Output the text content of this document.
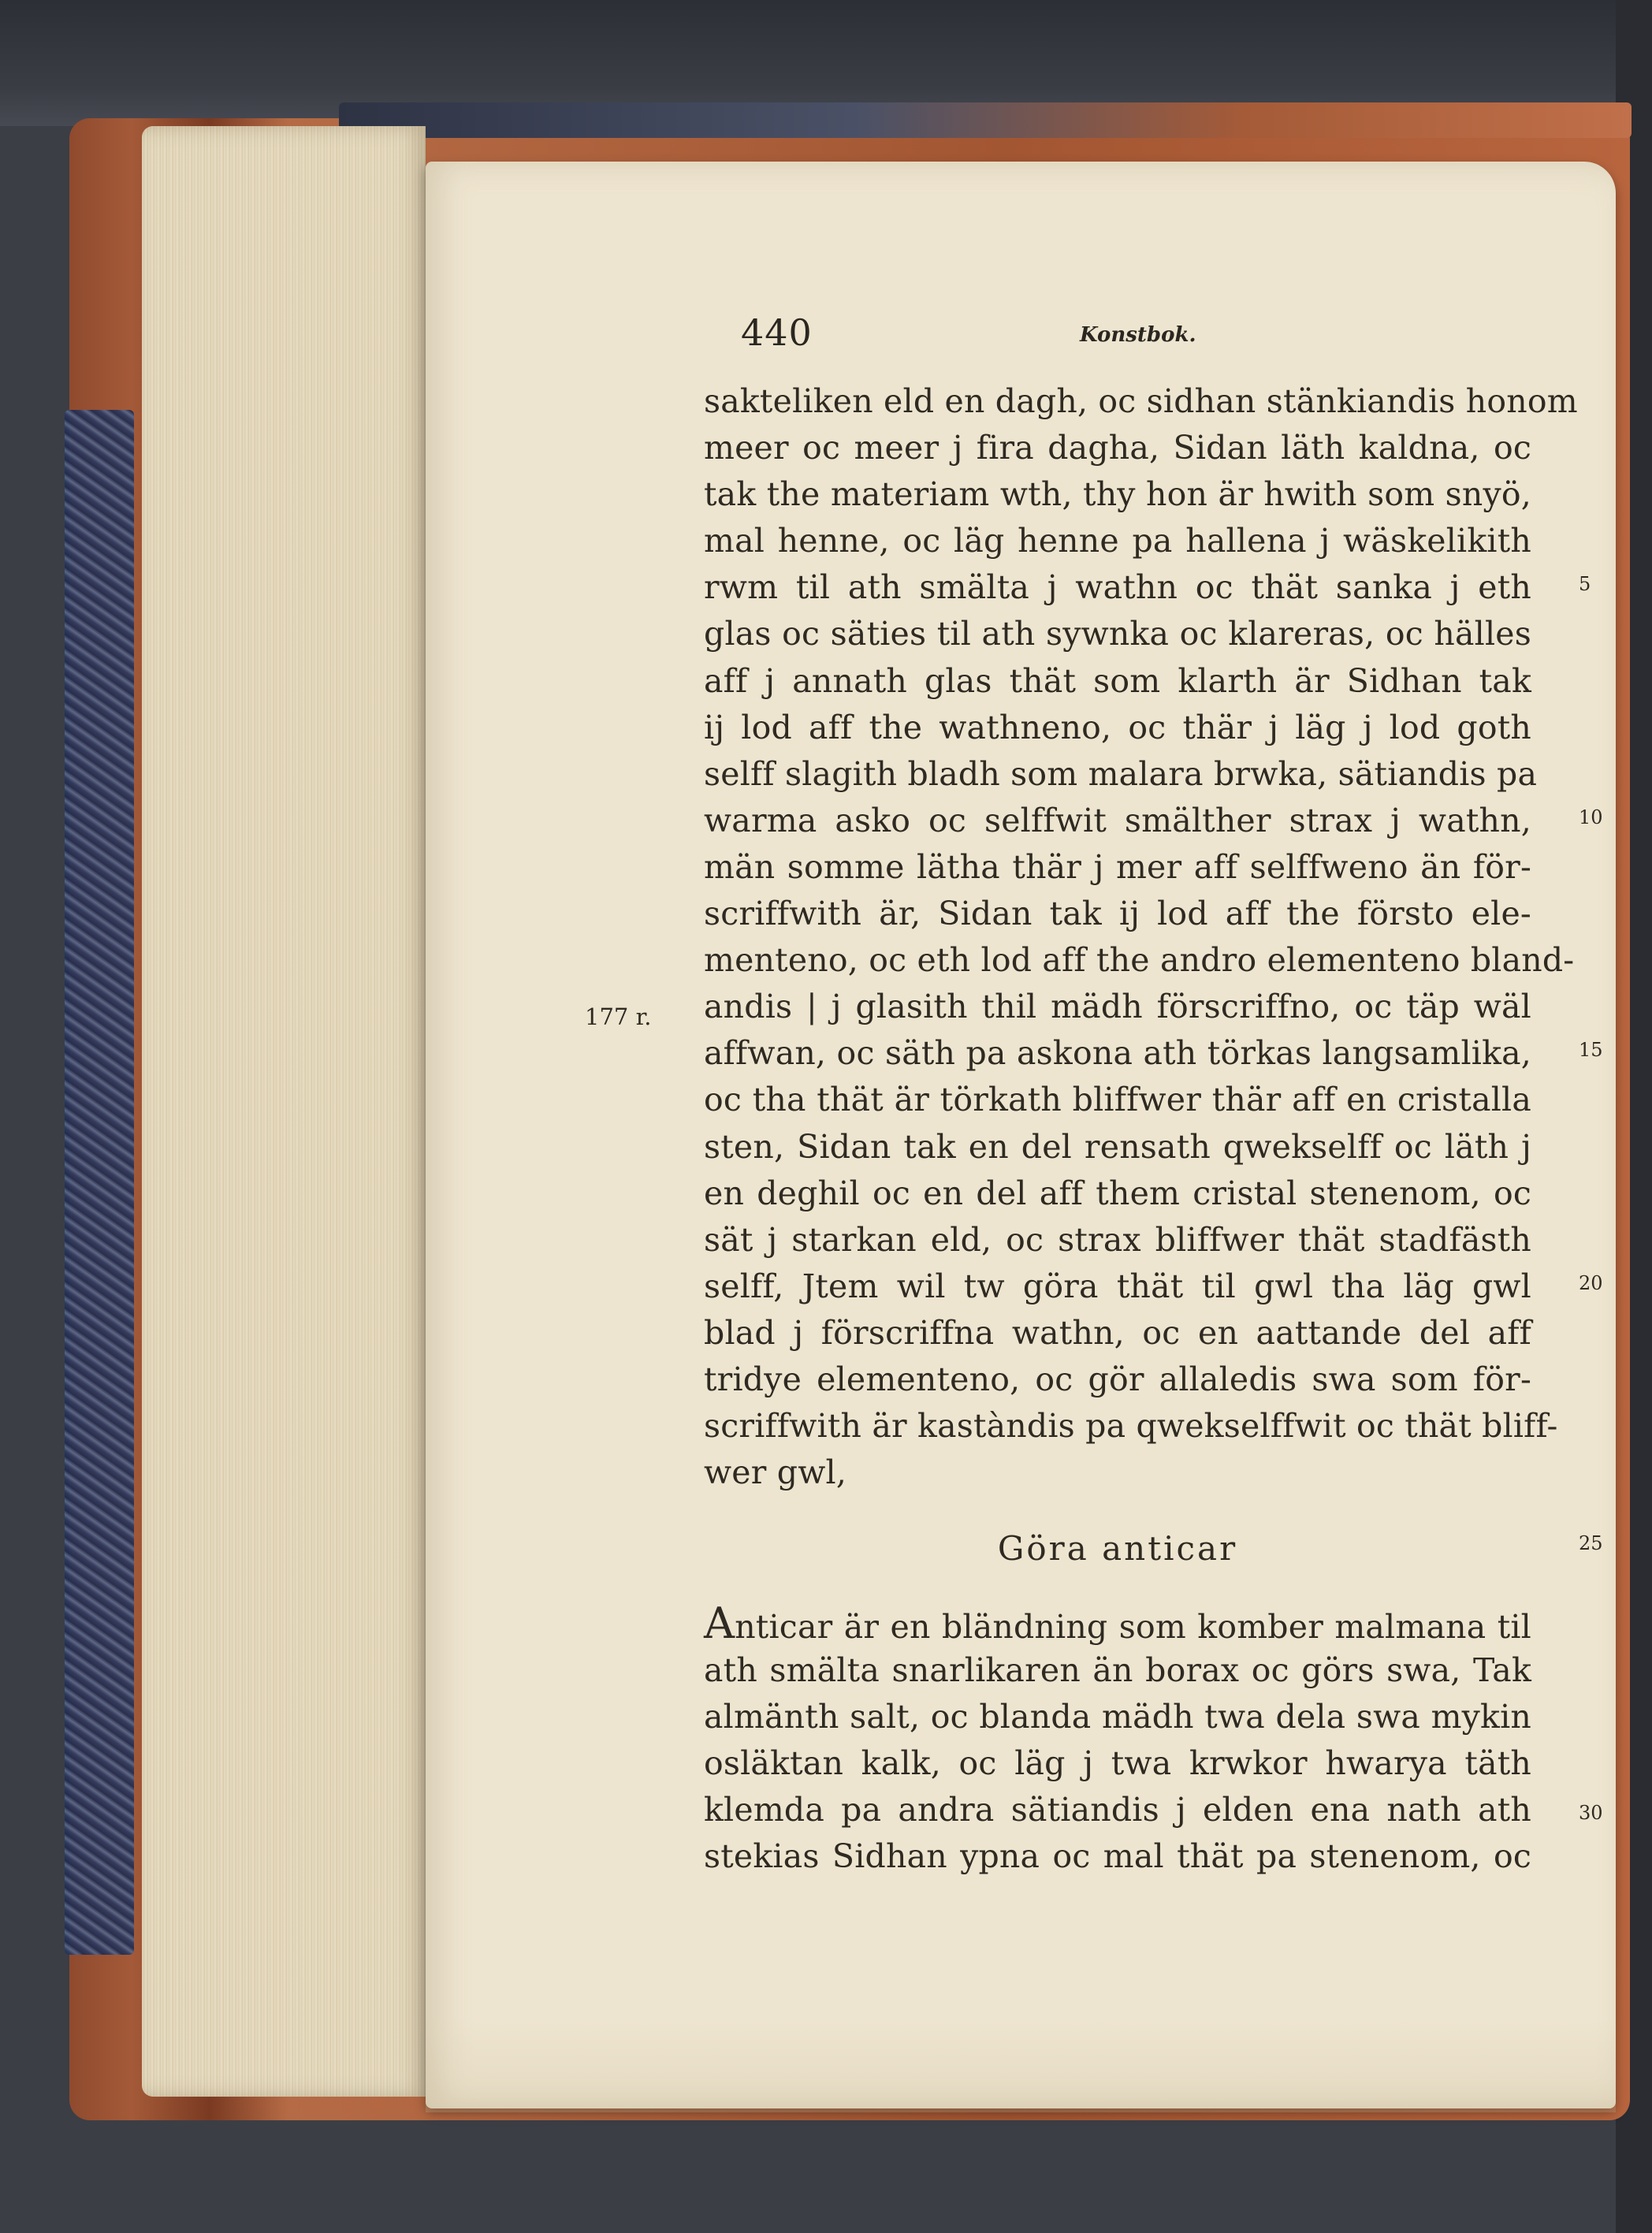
440	Konstbok.
177 r.
sakteliken eld en dagh, oc sidhan stänkiandis honom
meer oc meer j fira dagha, Sidan läth kaldna, oc
tak the materiam wth, thy hon är hwith som snyö,
mal henne, oc läg henne pa hallena j wäskelikith
rwm til ath smälta j wathn oc thät sanka j eth
glas oc säties til ath sywnka oc klareras, oc hälles
aff j annath glas thät som klarth är Sidhan tak
ij lod aff the wathneno, oc thär j läg j lod goth
selff slagith bladh som malara brwka, sätiandis pa
warma asko oc selffwit smälther strax j wathn,
män somme lätha thär j mer aff selffweno än för-
scriffwith är, Sidan tak ij lod aff the försto ele-
menteno, oc eth lod aff the andro elementeno bland-
andis | j glasith thil mädh förscriffno, oc täp wäl
affwan, oc säth pa askona ath törkas langsamlika,
oc tha thät är törkath bliffwer thär aff en cristalla
sten, Sidan tak en del rensath qwekselff oc läth j
en deghil oc en del aff them cristal stenenom, oc
sät j starkan eld, oc strax bliffwer thät stadfästh
selff, Jtem wil tw göra thät til gwl tha läg gwl
blad j förscriffna wathn, oc en aattande del aff
tridye elementeno, oc gör allaledis swa som för-
scriffwith är kastàndis pa qwekselffwit oc thät bliff-
wer gwl,
Göra anticar
Anticar är en bländning som komber malmana til
ath smälta snarlikaren än borax oc görs swa, Tak
almänth salt, oc blanda mädh twa dela swa mykin
osläktan kalk, oc läg j twa krwkor hwarya täth
klemda pa andra sätiandis j elden ena nath ath
stekias Sidhan ypna oc mal thät pa stenenom, oc
5
10
15
20
25
30
